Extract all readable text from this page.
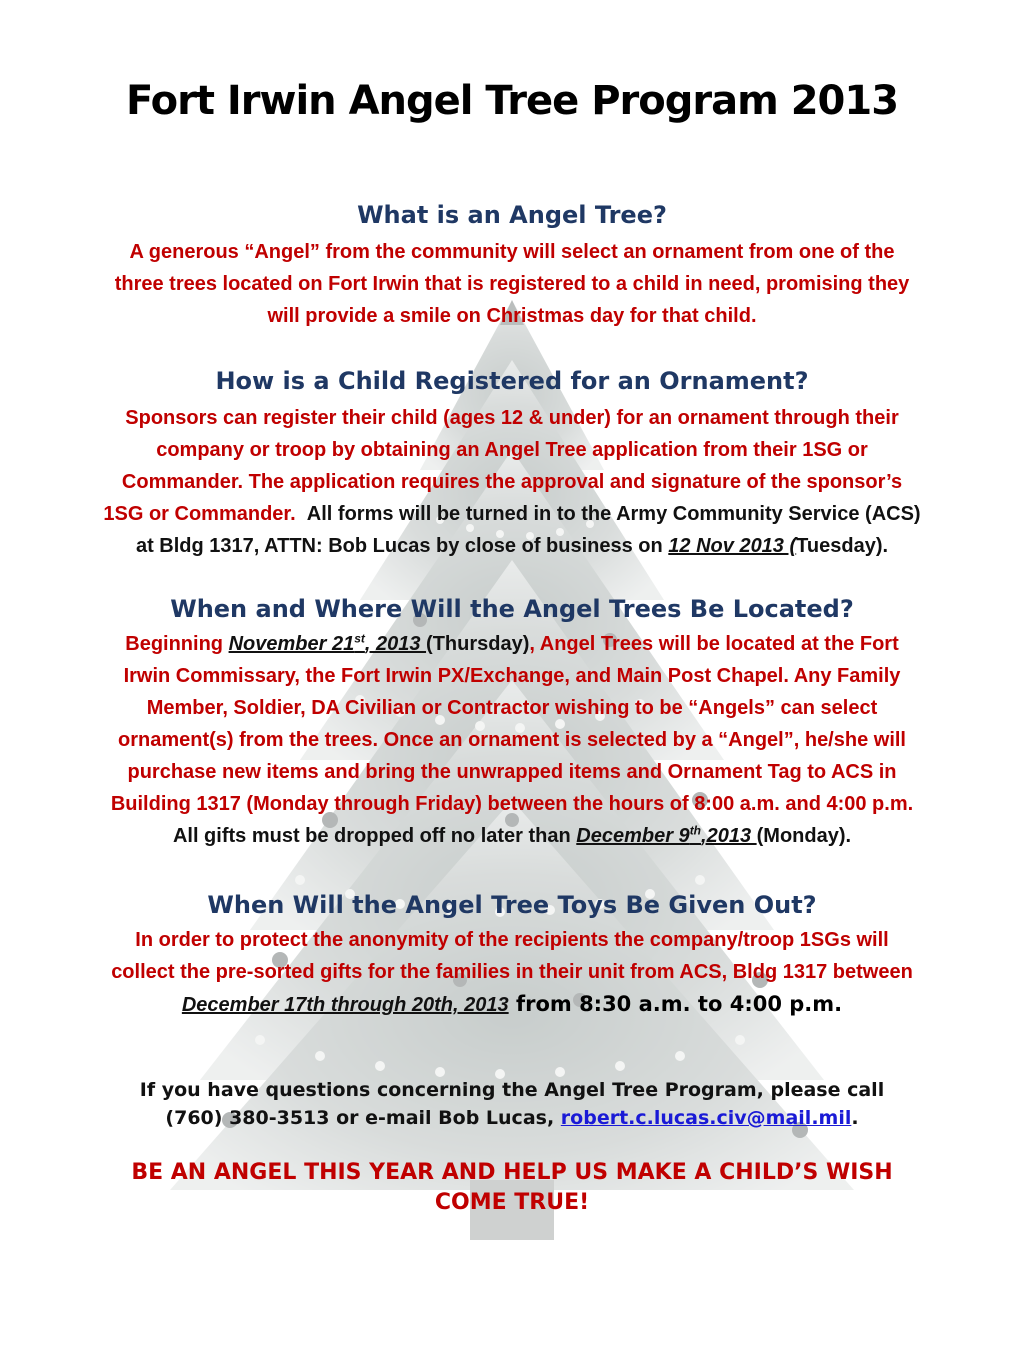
Fort Irwin Angel Tree Program 2013

What is an Angel Tree?

A generous “Angel” from the community will select an ornament from one of the
three trees located on Fort Irwin that is registered to a child in need, promising they
will provide a smile on Christmas day for that child.

How is a Child Registered for an Ornament?

Sponsors can register their child (ages 12 & under) for an ornament through their
company or troop by obtaining an Angel Tree application from their 1SG or
Commander. The application requires the approval and signature of the sponsor’s
1SG or Commander. All forms will be turned in to the Army Community Service (ACS)
at Bldg 1317, ATTN: Bob Lucas by close of business on 12 Nov 2013 (Tuesday).

When and Where Will the Angel Trees Be Located?

Beginning November 21st, 2013 (Thursday), Angel Trees will be located at the Fort
Irwin Commissary, the Fort Irwin PX/Exchange, and Main Post Chapel. Any Family
Member, Soldier, DA Civilian or Contractor wishing to be “Angels” can select
ornament(s) from the trees. Once an ornament is selected by a “Angel”, he/she will
purchase new items and bring the unwrapped items and Ornament Tag to ACS in
Building 1317 (Monday through Friday) between the hours of 8:00 a.m. and 4:00 p.m.
All gifts must be dropped off no later than December 9th,2013 (Monday).

When Will the Angel Tree Toys Be Given Out?

In order to protect the anonymity of the recipients the company/troop 1SGs will
collect the pre-sorted gifts for the families in their unit from ACS, Bldg 1317 between
December 17th through 20th, 2013 from 8:30 a.m. to 4:00 p.m.

If you have questions concerning the Angel Tree Program, please call
(760) 380-3513 or e-mail Bob Lucas, robert.c.lucas.civ@mail.mil.

BE AN ANGEL THIS YEAR AND HELP US MAKE A CHILD’S WISH
COME TRUE!
